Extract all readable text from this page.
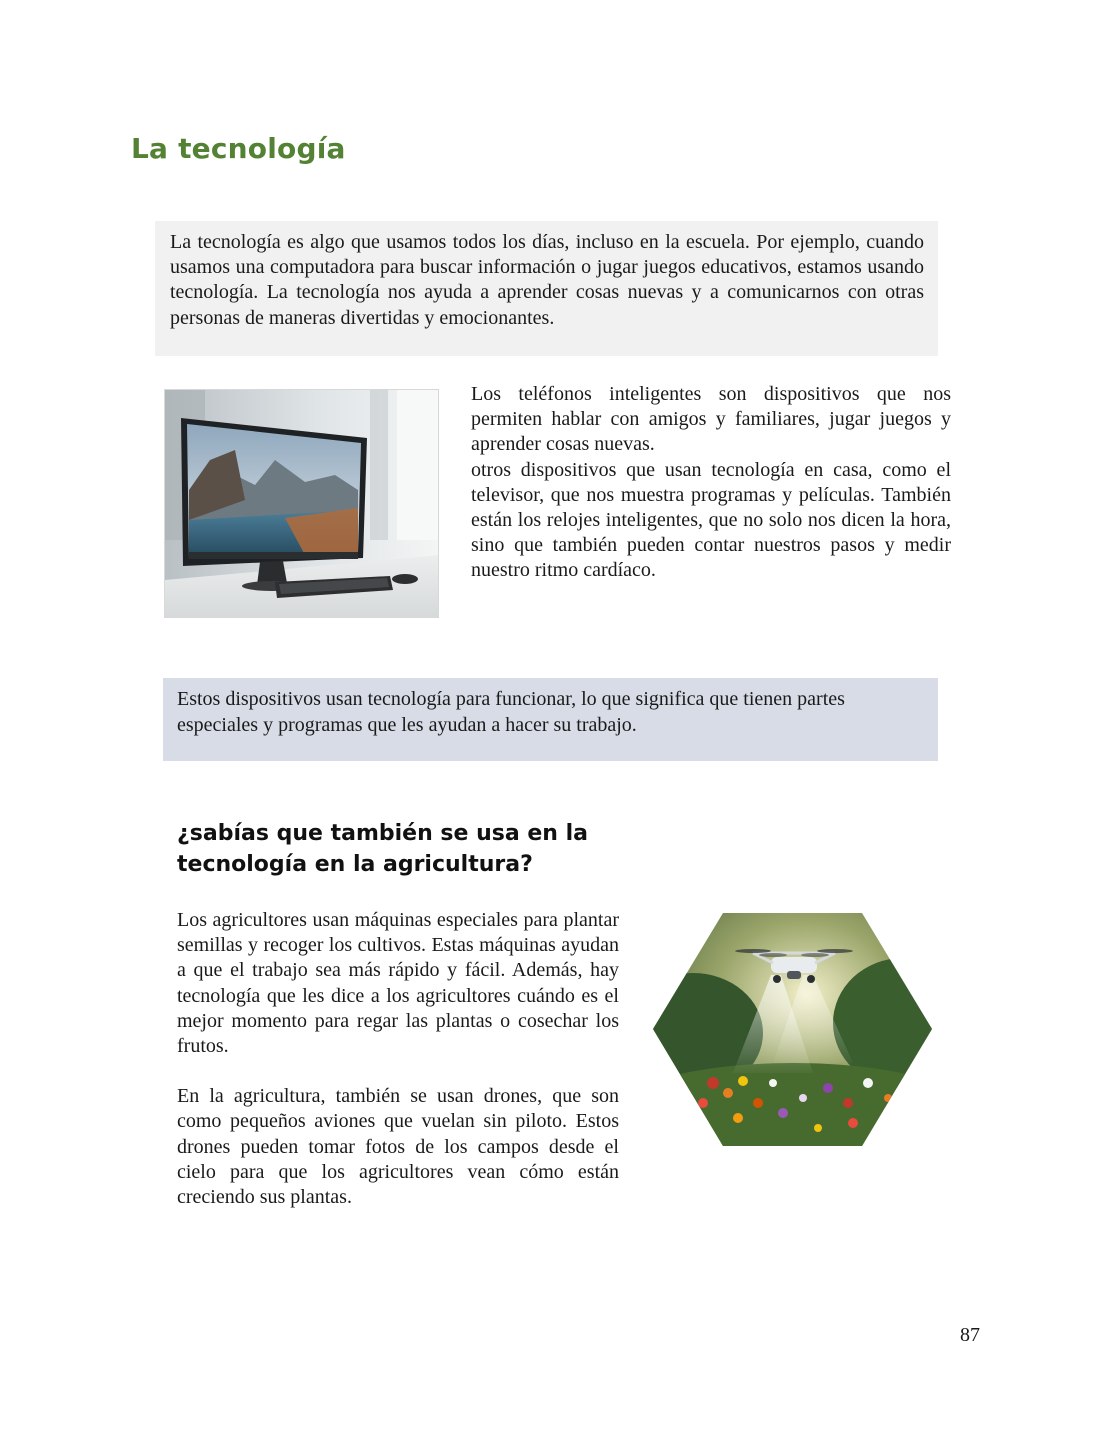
La tecnología

La tecnología es algo que usamos todos los días, incluso en la escuela. Por ejemplo, cuando usamos una computadora para buscar información o jugar juegos educativos, estamos usando tecnología. La tecnología nos ayuda a aprender cosas nuevas y a comunicarnos con otras personas de maneras divertidas y emocionantes.

Los teléfonos inteligentes son dispositivos que nos permiten hablar con amigos y familiares, jugar juegos y aprender cosas nuevas.

otros dispositivos que usan tecnología en casa, como el televisor, que nos muestra programas y películas. También están los relojes inteligentes, que no solo nos dicen la hora, sino que también pueden contar nuestros pasos y medir nuestro ritmo cardíaco.

Estos dispositivos usan tecnología para funcionar, lo que significa que tienen partes especiales y programas que les ayudan a hacer su trabajo.

¿sabías que también se usa en la tecnología en la agricultura?

Los agricultores usan máquinas especiales para plantar semillas y recoger los cultivos. Estas máquinas ayudan a que el trabajo sea más rápido y fácil. Además, hay tecnología que les dice a los agricultores cuándo es el mejor momento para regar las plantas o cosechar los frutos.

En la agricultura, también se usan drones, que son como pequeños aviones que vuelan sin piloto. Estos drones pueden tomar fotos de los campos desde el cielo para que los agricultores vean cómo están creciendo sus plantas.

87
